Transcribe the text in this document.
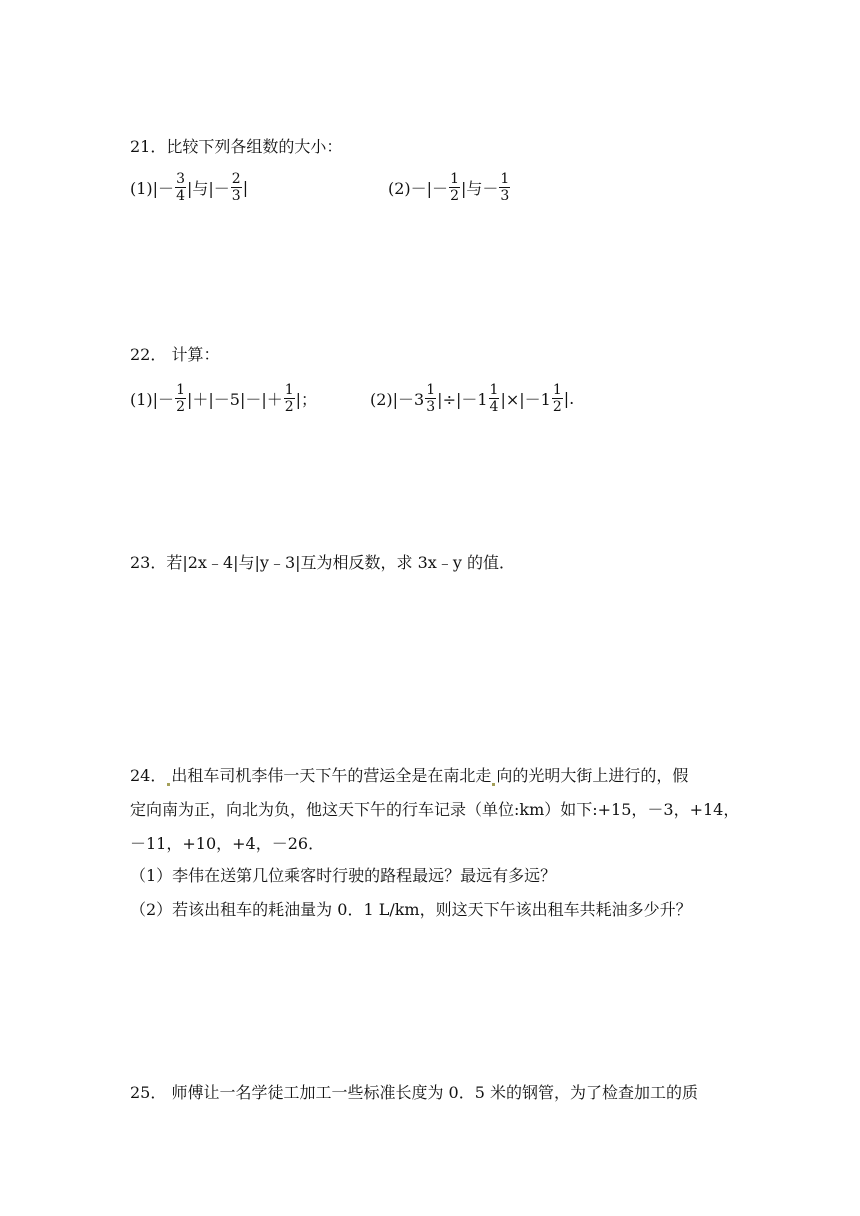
21．比较下列各组数的大小：
$(1)|- \frac{3}{4}$ |与|－ $\frac{2}{3}$ |	$(2)-|- \frac{1}{2}$ |与－ $\frac{1}{3}$
22． 计算：
$(1)|- \frac{1}{2} |+|-5|-|+ \frac{1}{2}$ |；	$(2)|-3 \frac{1}{3} |\div|-1 \frac{1}{4} |\times|-1 \frac{1}{2}$ |.
23．若|2x﹣4|与|y﹣3|互为相反数，求 3x﹣y 的值．
24． 出租车司机李伟一天下午的营运全是在南北走 向的光明大街上进行的，假
定向南为正，向北为负，他这天下午的行车记录（单位:km）如下:+15，－3，+14，
－11，+10，+4，－26．
（1）李伟在送第几位乘客时行驶的路程最远？最远有多远？
（2）若该出租车的耗油量为 0．1 L/km，则这天下午该出租车共耗油多少升？
25． 师傅让一名学徒工加工一些标准长度为 0．5 米的钢管，为了检查加工的质
